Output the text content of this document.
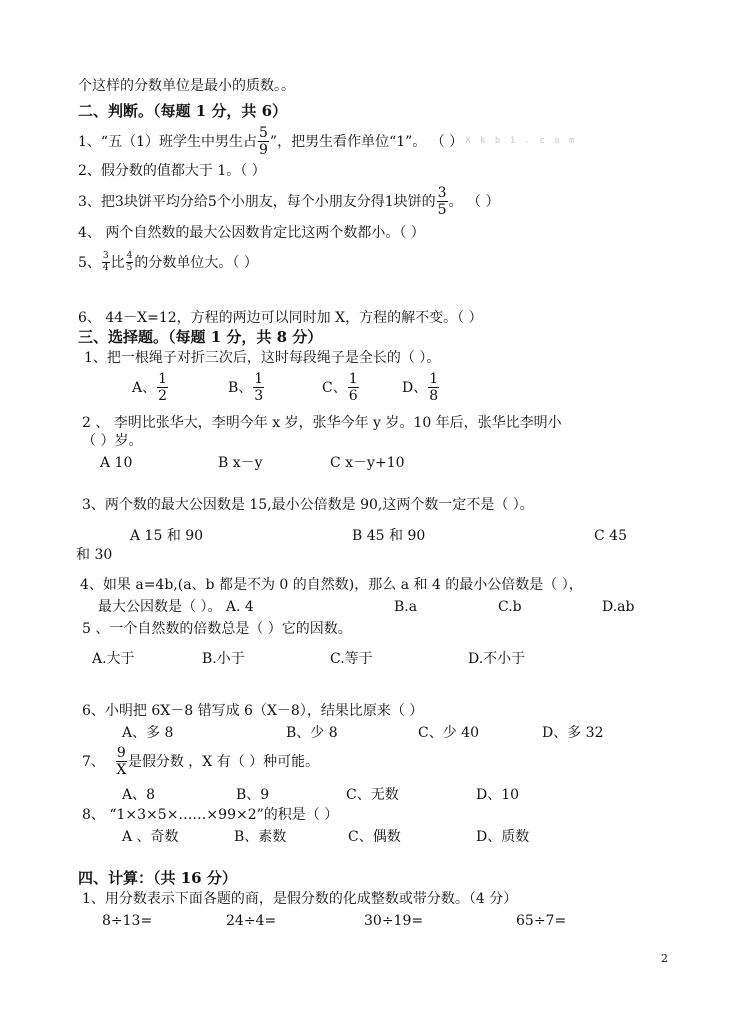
个这样的分数单位是最小的质数。。
二、判断。（每题 1 分，共 6）
1、“五（1）班学生中男生占 $\frac{5}{9}$ ”，把男生看作单位“1”。 （ ） X k b 1 . c o m
2、假分数的值都大于 1。（ ）
3、把3块饼平均分给5个小朋友，每个小朋友分得1块饼的 $\frac{3}{5}$ 。 （ ）
4、 两个自然数的最大公因数肯定比这两个数都小。（ ）
5、 $\frac{3}{4}$ 比 $\frac{4}{5}$ 的分数单位大。（ ）
6、 44－X=12，方程的两边可以同时加 X，方程的解不变。（ ）
三、选择题。（每题 1 分，共 8 分）
1、把一根绳子对折三次后，这时每段绳子是全长的（ ）。
A、 $\frac{1}{2}$	B、 $\frac{1}{3}$	C、 $\frac{1}{6}$	D、 $\frac{1}{8}$
2 、 李明比张华大，李明今年 x 岁，张华今年 y 岁。10 年后，张华比李明小
（ ）岁。
A 10	B x－y	C x－y+10
3、两个数的最大公因数是 15,最小公倍数是 90,这两个数一定不是（ ）。
A 15 和 90	B 45 和 90	C 45
和 30
4、如果 a=4b,(a、b 都是不为 0 的自然数)，那么 a 和 4 的最小公倍数是（ ），
最大公因数是（ ）。 A. 4	B.a	C.b	D.ab
5 、一个自然数的倍数总是（ ）它的因数。
A.大于	B.小于	C.等于	D.不小于
6、小明把 6X－8 错写成 6（X－8），结果比原来（ ）
A、多 8	B、少 8	C、少 40	D、多 32
7、 $\frac{9}{X}$ 是假分数 ，X 有（ ）种可能。
A、8	B、9	C、无数	D、10
8、 “1×3×5×……×99×2”的积是（ ）
A 、奇数	B、素数	C、偶数	D、质数
四、计算：（共 16 分）
1、用分数表示下面各题的商，是假分数的化成整数或带分数。（4 分）
8÷13=	24÷4=	30÷19=	65÷7=
2
